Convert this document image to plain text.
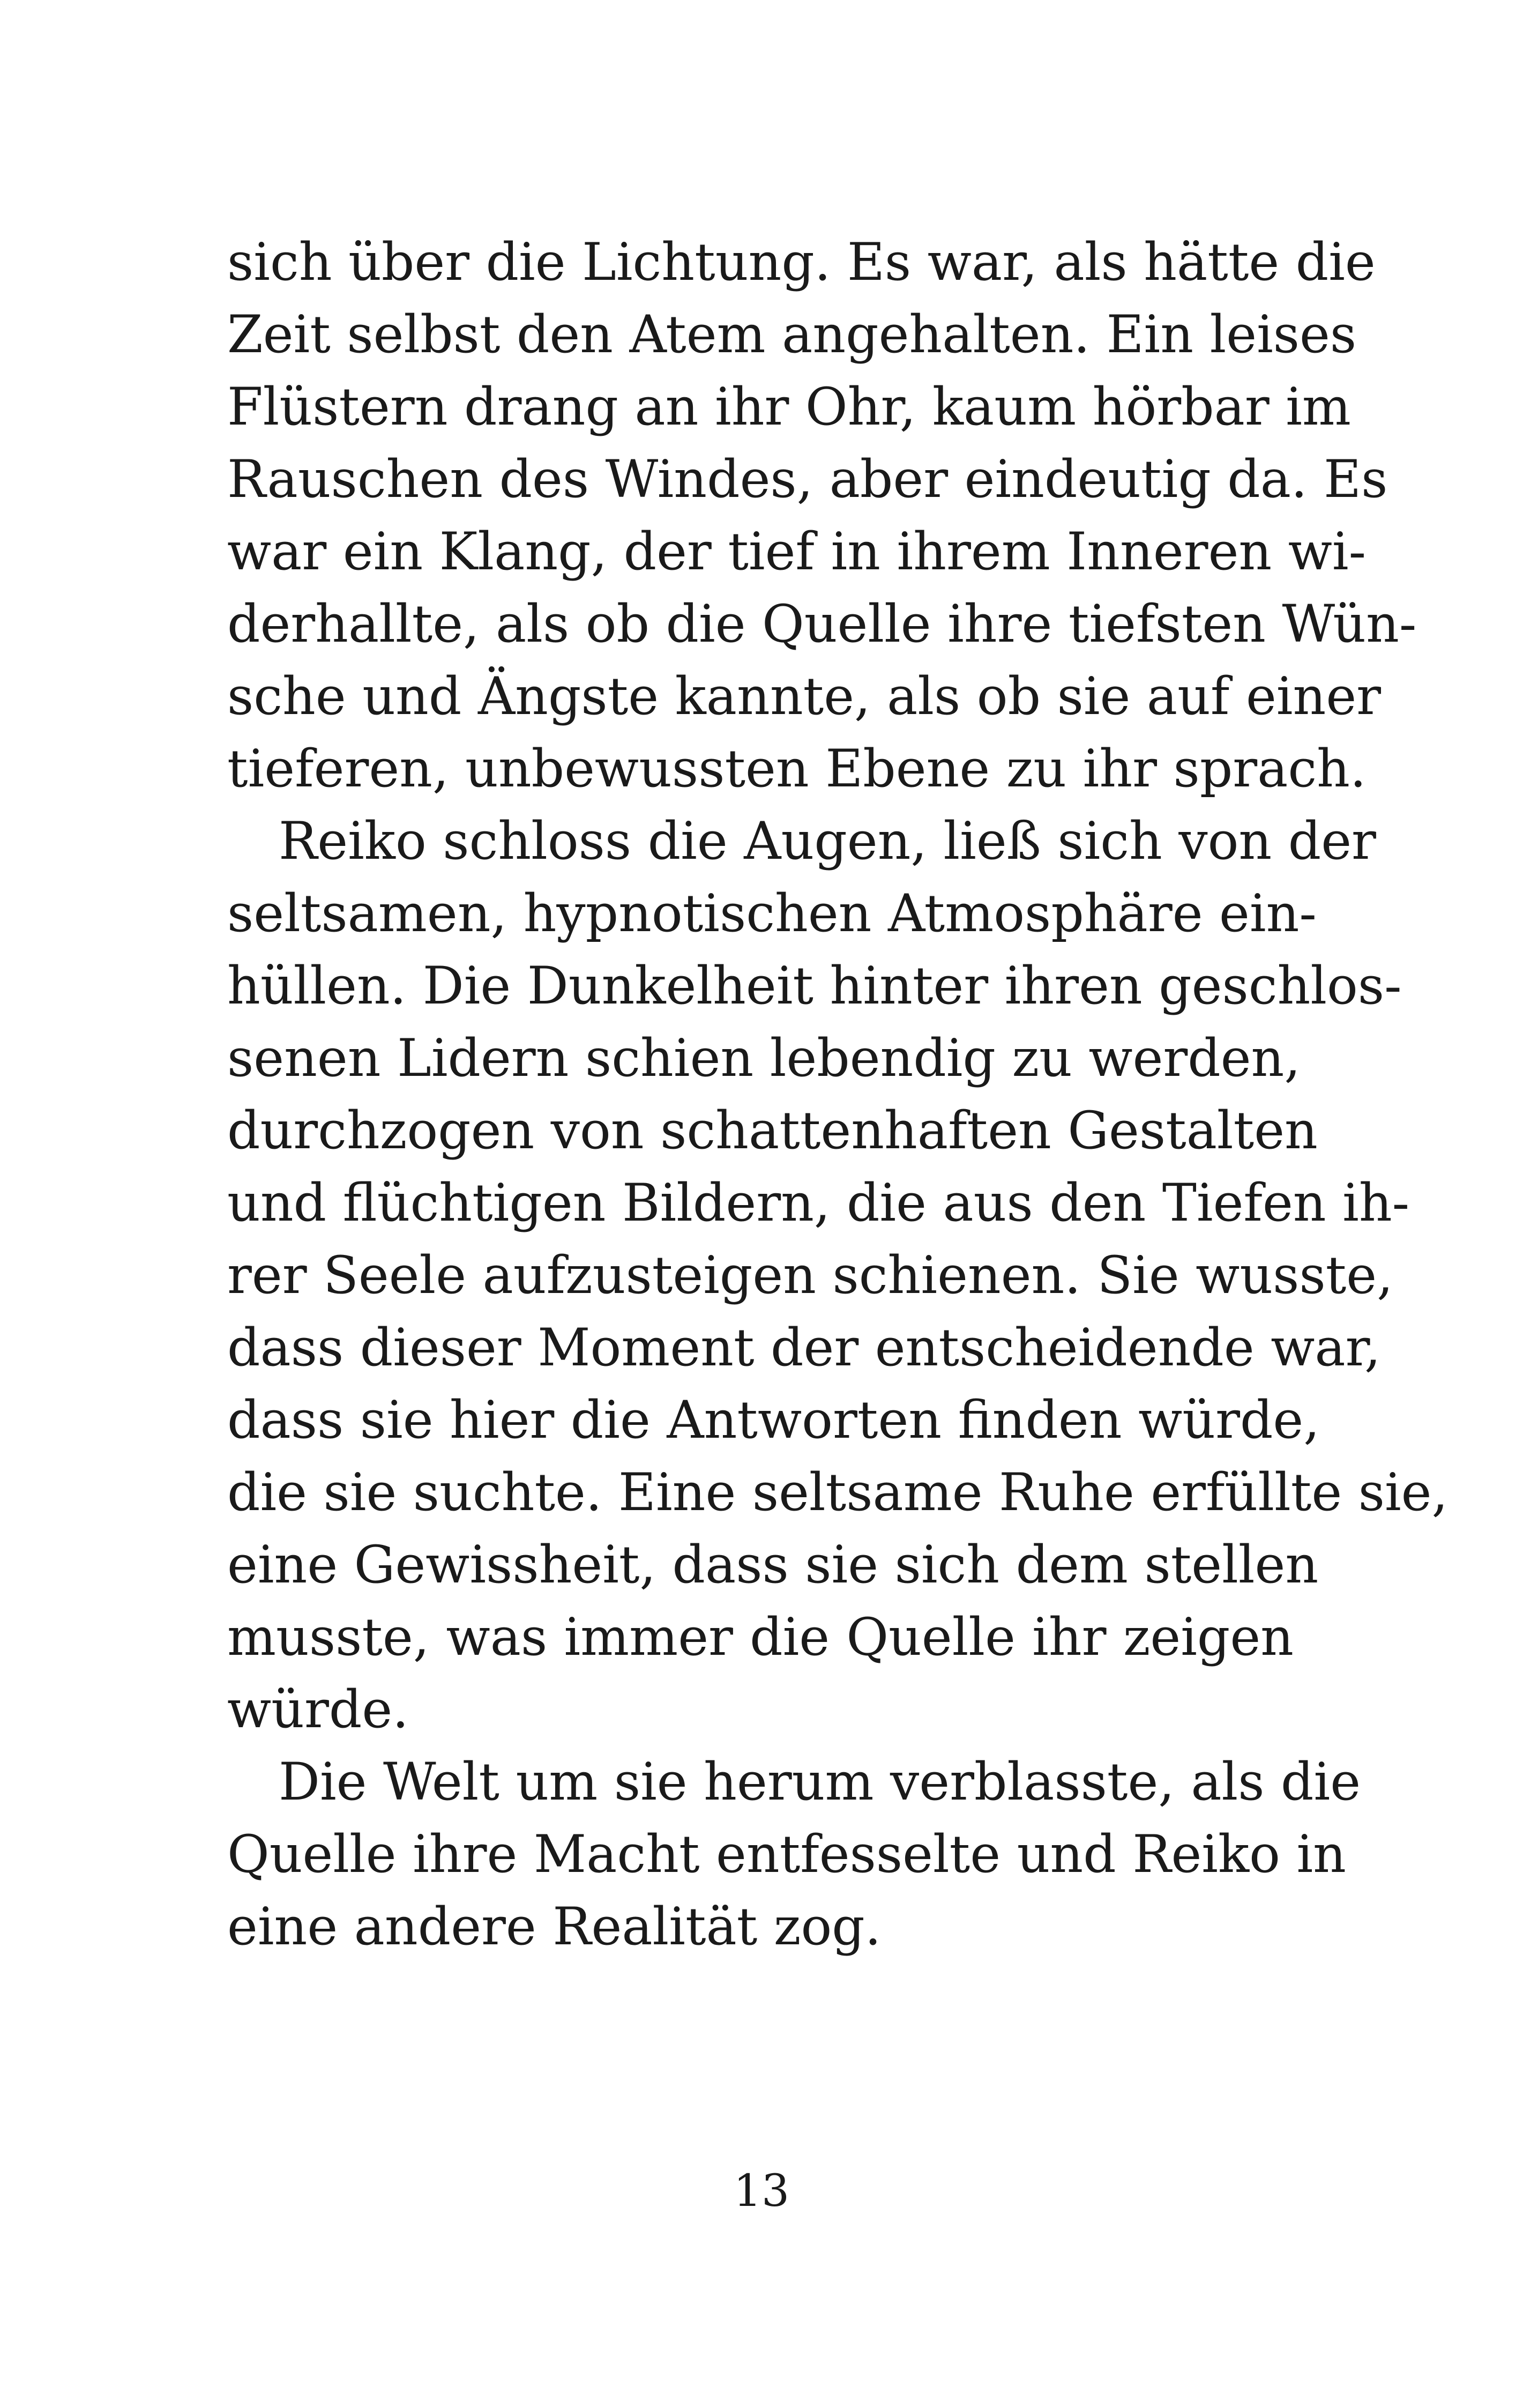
sich über die Lichtung. Es war, als hätte die
Zeit selbst den Atem angehalten. Ein leises
Flüstern drang an ihr Ohr, kaum hörbar im
Rauschen des Windes, aber eindeutig da. Es
war ein Klang, der tief in ihrem Inneren wi-
derhallte, als ob die Quelle ihre tiefsten Wün-
sche und Ängste kannte, als ob sie auf einer
tieferen, unbewussten Ebene zu ihr sprach.
Reiko schloss die Augen, ließ sich von der
seltsamen, hypnotischen Atmosphäre ein-
hüllen. Die Dunkelheit hinter ihren geschlos-
senen Lidern schien lebendig zu werden,
durchzogen von schattenhaften Gestalten
und flüchtigen Bildern, die aus den Tiefen ih-
rer Seele aufzusteigen schienen. Sie wusste,
dass dieser Moment der entscheidende war,
dass sie hier die Antworten finden würde,
die sie suchte. Eine seltsame Ruhe erfüllte sie,
eine Gewissheit, dass sie sich dem stellen
musste, was immer die Quelle ihr zeigen
würde.
Die Welt um sie herum verblasste, als die
Quelle ihre Macht entfesselte und Reiko in
eine andere Realität zog.
13
